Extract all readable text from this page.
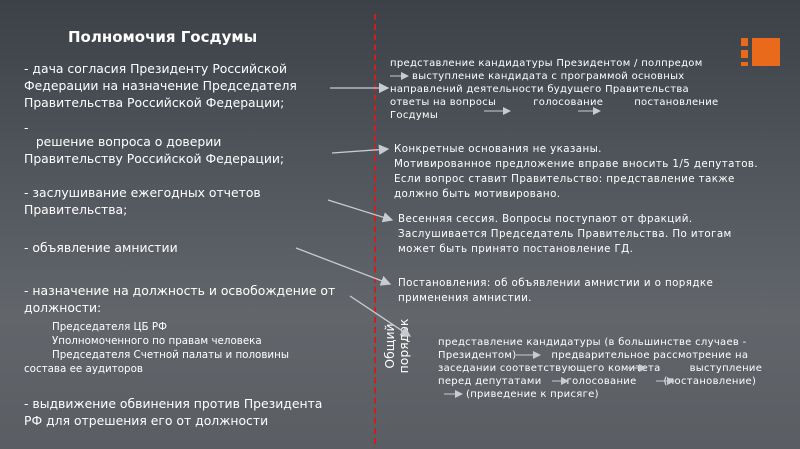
Полномочия Госдумы
- дача согласия Президенту Российской
Федерации на назначение Председателя
Правительства Российской Федерации;
-
решение вопроса о доверии
Правительству Российской Федерации;
- заслушивание ежегодных отчетов
Правительства;
- объявление амнистии
- назначение на должность и освобождение от
должности:
Председателя ЦБ РФ
Уполномоченного по правам человека
Председателя Счетной палаты и половины
состава ее аудиторов
- выдвижение обвинения против Президента
РФ для отрешения его от должности
представление кандидатуры Президентом / полпредом
выступление кандидата с программой основных
направлений деятельности будущего Правительства
ответы на вопросы	голосование	постановление
Госдумы
Конкретные основания не указаны.
Мотивированное предложение вправе вносить 1/5 депутатов.
Если вопрос ставит Правительство: представление также
должно быть мотивировано.
Весенняя сессия. Вопросы поступают от фракций.
Заслушивается Председатель Правительства. По итогам
может быть принято постановление ГД.
Постановления: об объявлении амнистии и о порядке
применения амнистии.
Общий порядок	представление кандидатуры (в большинстве случаев -
Президентом)	предварительное рассмотрение на
заседании соответствующего комитета	выступление
перед депутатами голосование	(постановление)
(приведение к присяге)
